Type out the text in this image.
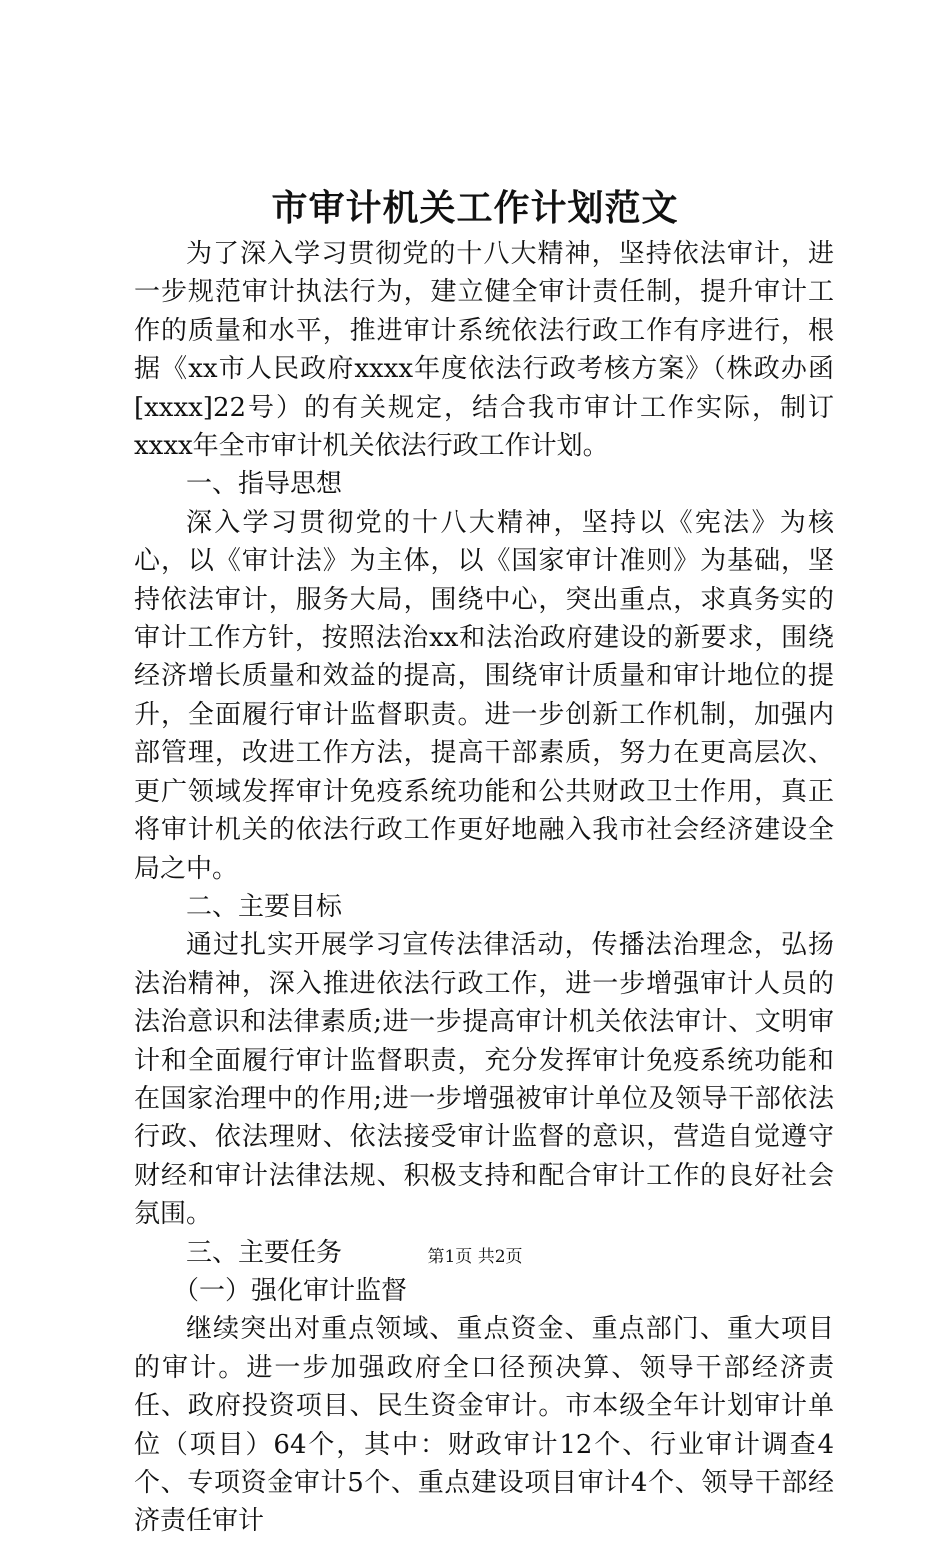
市审计机关工作计划范文

为了深入学习贯彻党的十八大精神，坚持依法审计，进一步规范审计执法行为，建立健全审计责任制，提升审计工作的质量和水平，推进审计系统依法行政工作有序进行，根据《xx市人民政府xxxx年度依法行政考核方案》（株政办函[xxxx]22号）的有关规定，结合我市审计工作实际，制订xxxx年全市审计机关依法行政工作计划。

一、指导思想

深入学习贯彻党的十八大精神，坚持以《宪法》为核心，以《审计法》为主体，以《国家审计准则》为基础，坚持依法审计，服务大局，围绕中心，突出重点，求真务实的审计工作方针，按照法治xx和法治政府建设的新要求，围绕经济增长质量和效益的提高，围绕审计质量和审计地位的提升，全面履行审计监督职责。进一步创新工作机制，加强内部管理，改进工作方法，提高干部素质，努力在更高层次、更广领域发挥审计免疫系统功能和公共财政卫士作用，真正将审计机关的依法行政工作更好地融入我市社会经济建设全局之中。

二、主要目标

通过扎实开展学习宣传法律活动，传播法治理念，弘扬法治精神，深入推进依法行政工作，进一步增强审计人员的法治意识和法律素质;进一步提高审计机关依法审计、文明审计和全面履行审计监督职责，充分发挥审计免疫系统功能和在国家治理中的作用;进一步增强被审计单位及领导干部依法行政、依法理财、依法接受审计监督的意识，营造自觉遵守财经和审计法律法规、积极支持和配合审计工作的良好社会氛围。

三、主要任务

（一）强化审计监督

继续突出对重点领域、重点资金、重点部门、重大项目的审计。进一步加强政府全口径预决算、领导干部经济责任、政府投资项目、民生资金审计。市本级全年计划审计单位（项目）64个，其中：财政审计12个、行业审计调查4个、专项资金审计5个、重点建设项目审计4个、领导干部经济责任审计

第1页 共2页
